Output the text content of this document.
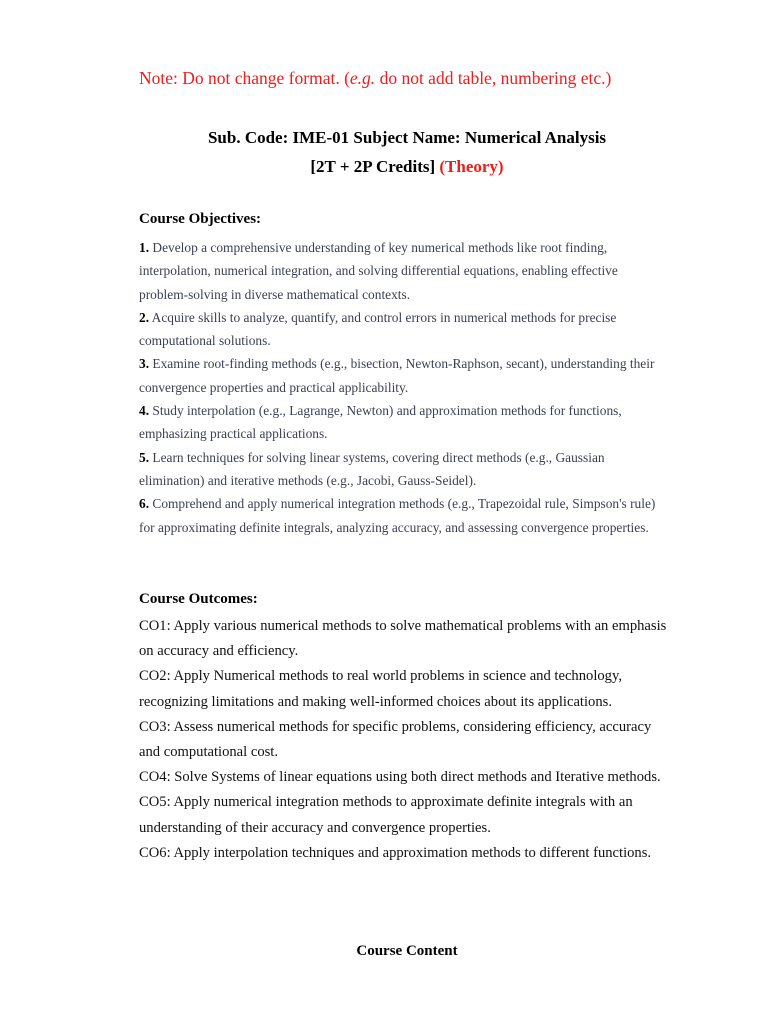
Note: Do not change format. (e.g. do not add table, numbering etc.)

Sub. Code: IME-01 Subject Name: Numerical Analysis

[2T + 2P Credits] (Theory)

Course Objectives:

1. Develop a comprehensive understanding of key numerical methods like root finding, interpolation, numerical integration, and solving differential equations, enabling effective problem-solving in diverse mathematical contexts.

2. Acquire skills to analyze, quantify, and control errors in numerical methods for precise computational solutions.

3. Examine root-finding methods (e.g., bisection, Newton-Raphson, secant), understanding their convergence properties and practical applicability.

4. Study interpolation (e.g., Lagrange, Newton) and approximation methods for functions, emphasizing practical applications.

5. Learn techniques for solving linear systems, covering direct methods (e.g., Gaussian elimination) and iterative methods (e.g., Jacobi, Gauss-Seidel).

6. Comprehend and apply numerical integration methods (e.g., Trapezoidal rule, Simpson's rule) for approximating definite integrals, analyzing accuracy, and assessing convergence properties.

Course Outcomes:

CO1: Apply various numerical methods to solve mathematical problems with an emphasis on accuracy and efficiency.

CO2: Apply Numerical methods to real world problems in science and technology, recognizing limitations and making well-informed choices about its applications.

CO3: Assess numerical methods for specific problems, considering efficiency, accuracy and computational cost.

CO4: Solve Systems of linear equations using both direct methods and Iterative methods.

CO5: Apply numerical integration methods to approximate definite integrals with an understanding of their accuracy and convergence properties.

CO6: Apply interpolation techniques and approximation methods to different functions.

Course Content
